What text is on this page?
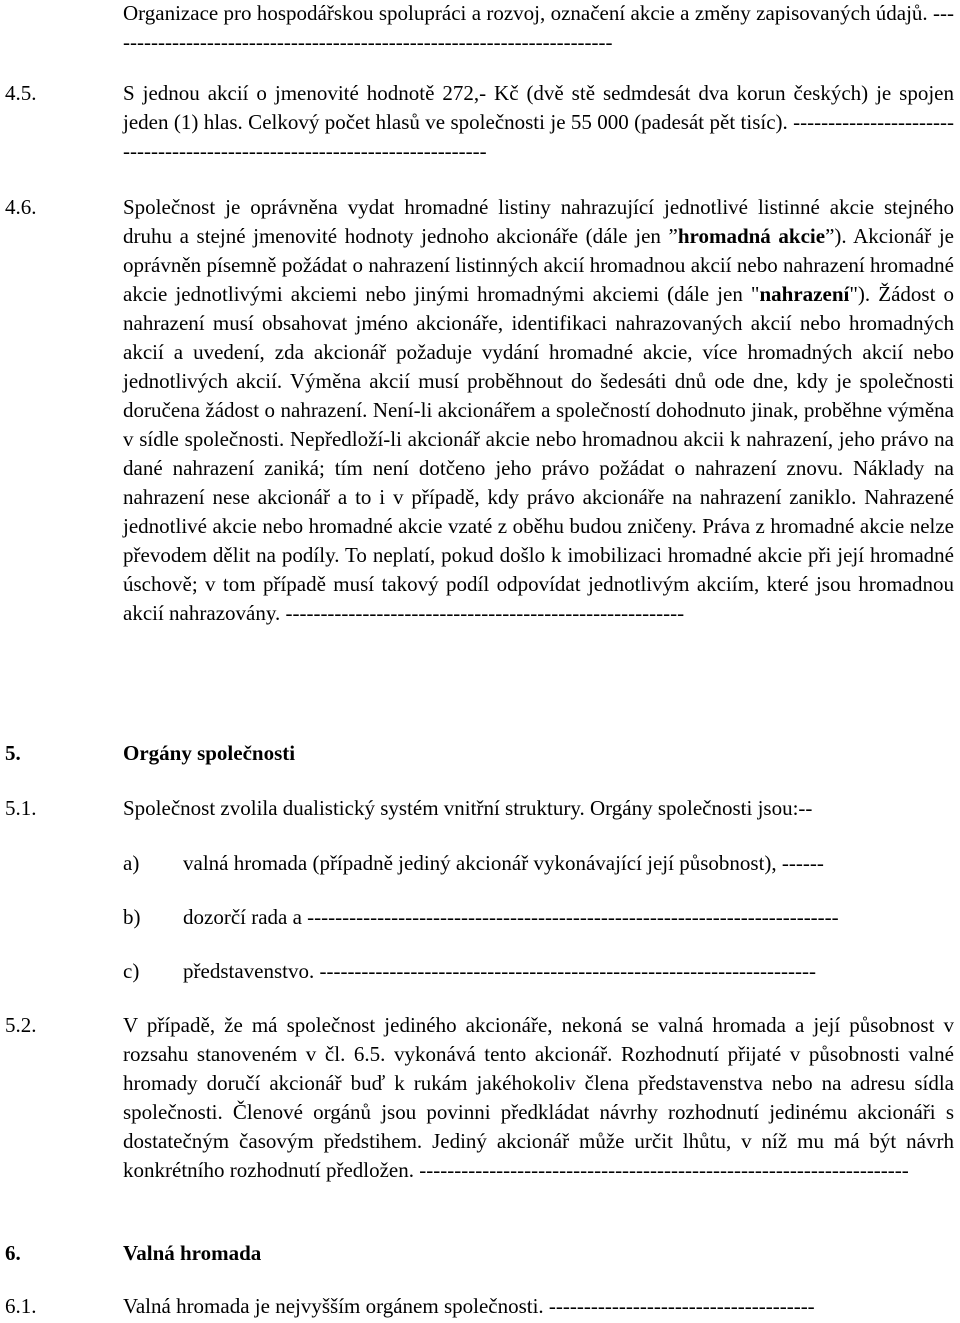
Organizace pro hospodářskou spolupráci a rozvoj, označení akcie a změny zapisovaných údajů. -------------------------------------------------------------------------
4.5.	S jednou akcií o jmenovité hodnotě 272,- Kč (dvě stě sedmdesát dva korun českých) je spojen jeden (1) hlas. Celkový počet hlasů ve společnosti je 55 000 (padesát pět tisíc). ---------------------------------------------------------------------------
4.6.	Společnost je oprávněna vydat hromadné listiny nahrazující jednotlivé listinné akcie stejného druhu a stejné jmenovité hodnoty jednoho akcionáře (dále jen ”hromadná akcie”). Akcionář je oprávněn písemně požádat o nahrazení listinných akcií hromadnou akcií nebo nahrazení hromadné akcie jednotlivými akciemi nebo jinými hromadnými akciemi (dále jen "nahrazení"). Žádost o nahrazení musí obsahovat jméno akcionáře, identifikaci nahrazovaných akcií nebo hromadných akcií a uvedení, zda akcionář požaduje vydání hromadné akcie, více hromadných akcií nebo jednotlivých akcií. Výměna akcií musí proběhnout do šedesáti dnů ode dne, kdy je společnosti doručena žádost o nahrazení. Není-li akcionářem a společností dohodnuto jinak, proběhne výměna v sídle společnosti. Nepředloží-li akcionář akcie nebo hromadnou akcii k nahrazení, jeho právo na dané nahrazení zaniká; tím není dotčeno jeho právo požádat o nahrazení znovu. Náklady na nahrazení nese akcionář a to i v případě, kdy právo akcionáře na nahrazení zaniklo. Nahrazené jednotlivé akcie nebo hromadné akcie vzaté z oběhu budou zničeny. Práva z hromadné akcie nelze převodem dělit na podíly. To neplatí, pokud došlo k imobilizaci hromadné akcie při její hromadné úschově; v tom případě musí takový podíl odpovídat jednotlivým akciím, které jsou hromadnou akcií nahrazovány. ---------------------------------------------------------
5.	Orgány společnosti
5.1.	Společnost zvolila dualistický systém vnitřní struktury. Orgány společnosti jsou:--
a) valná hromada (případně jediný akcionář vykonávající její působnost), ------
b) dozorčí rada a ----------------------------------------------------------------------------
c) představenstvo. -----------------------------------------------------------------------
5.2.	V případě, že má společnost jediného akcionáře, nekoná se valná hromada a její působnost v rozsahu stanoveném v čl. 6.5. vykonává tento akcionář. Rozhodnutí přijaté v působnosti valné hromady doručí akcionář buď k rukám jakéhokoliv člena představenstva nebo na adresu sídla společnosti. Členové orgánů jsou povinni předkládat návrhy rozhodnutí jedinému akcionáři s dostatečným časovým předstihem. Jediný akcionář může určit lhůtu, v níž mu má být návrh konkrétního rozhodnutí předložen. ----------------------------------------------------------------------
6.	Valná hromada
6.1.	Valná hromada je nejvyšším orgánem společnosti. --------------------------------------
